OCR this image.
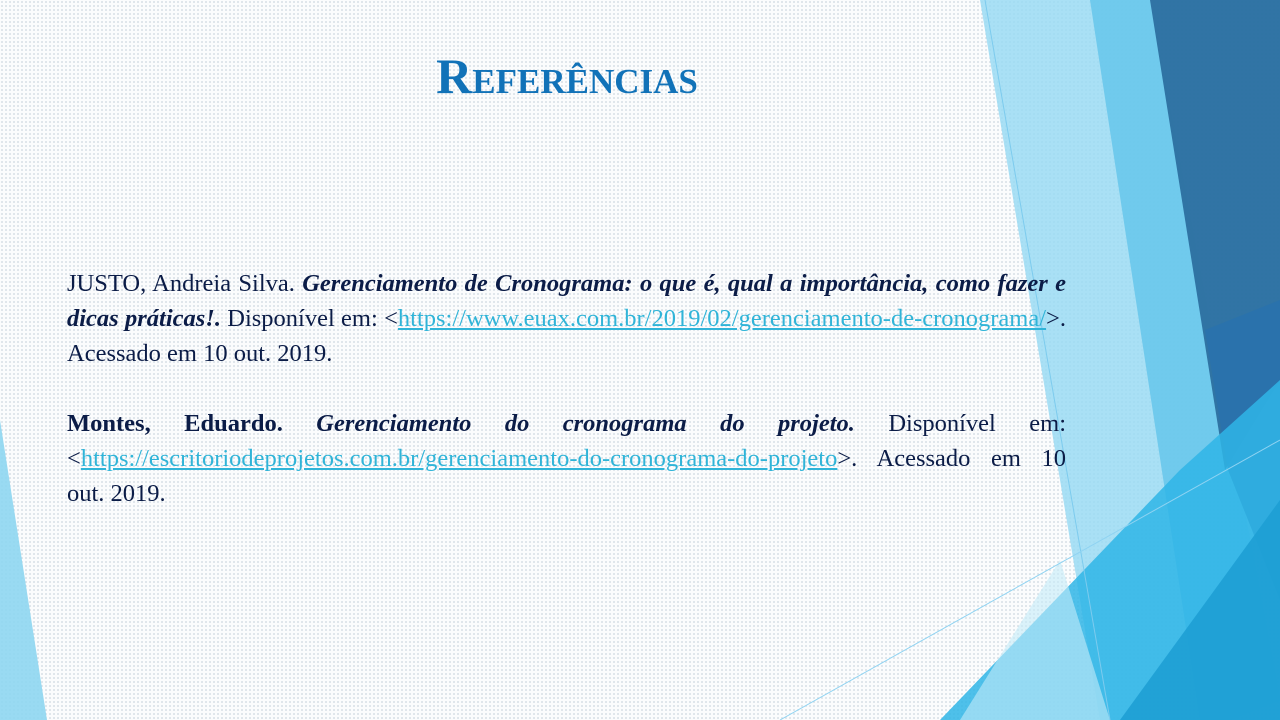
Referências

JUSTO, Andreia Silva. Gerenciamento de Cronograma: o que é, qual a importância, como fazer e dicas práticas!. Disponível em: <https://www.euax.com.br/2019/02/gerenciamento-de-cronograma/>. Acessado em 10 out. 2019.

Montes, Eduardo. Gerenciamento do cronograma do projeto. Disponível em: <https://escritoriodeprojetos.com.br/gerenciamento-do-cronograma-do-projeto>. Acessado em 10 out. 2019.
